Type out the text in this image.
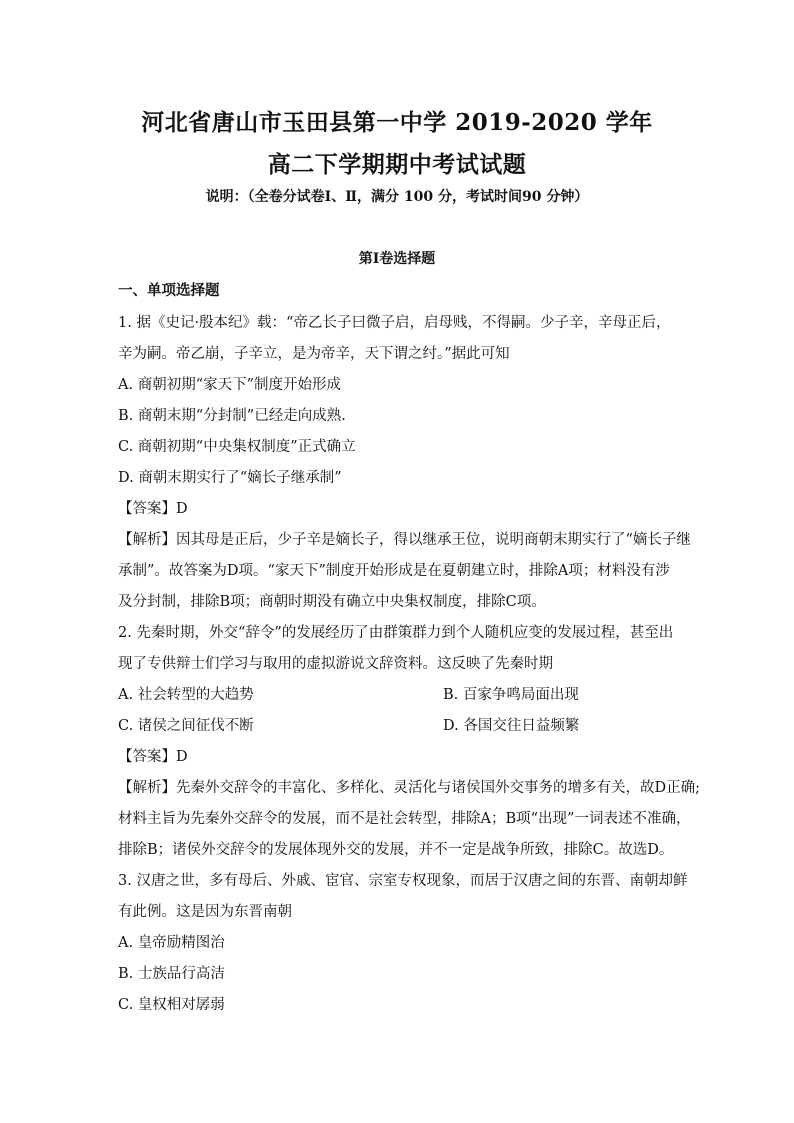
河北省唐山市玉田县第一中学 2019-2020 学年
高二下学期期中考试试题
说明：（全卷分试卷Ⅰ、Ⅱ，满分 100 分，考试时间90 分钟）
第Ⅰ卷选择题
一、单项选择题
1. 据《史记·殷本纪》载：“帝乙长子曰微子启，启母贱，不得嗣。少子辛，辛母正后，
辛为嗣。帝乙崩，子辛立，是为帝辛，天下谓之纣。”据此可知
A. 商朝初期“家天下”制度开始形成
B. 商朝末期“分封制”已经走向成熟.
C. 商朝初期“中央集权制度”正式确立
D. 商朝末期实行了“嫡长子继承制”
【答案】D
【解析】因其母是正后，少子辛是嫡长子，得以继承王位，说明商朝末期实行了“嫡长子继
承制”。故答案为D项。“家天下”制度开始形成是在夏朝建立时，排除A项；材料没有涉
及分封制，排除B项；商朝时期没有确立中央集权制度，排除C项。
2. 先秦时期，外交“辞令”的发展经历了由群策群力到个人随机应变的发展过程，甚至出
现了专供辩士们学习与取用的虚拟游说文辞资料。这反映了先秦时期
A. 社会转型的大趋势	B. 百家争鸣局面出现
C. 诸侯之间征伐不断	D. 各国交往日益频繁
【答案】D
【解析】先秦外交辞令的丰富化、多样化、灵活化与诸侯国外交事务的增多有关，故D正确;
材料主旨为先秦外交辞令的发展，而不是社会转型，排除A；B项“出现”一词表述不准确，
排除B；诸侯外交辞令的发展体现外交的发展，并不一定是战争所致，排除C。故选D。
3. 汉唐之世，多有母后、外戚、宦官、宗室专权现象，而居于汉唐之间的东晋、南朝却鲜
有此例。这是因为东晋南朝
A. 皇帝励精图治
B. 士族品行高洁
C. 皇权相对孱弱
